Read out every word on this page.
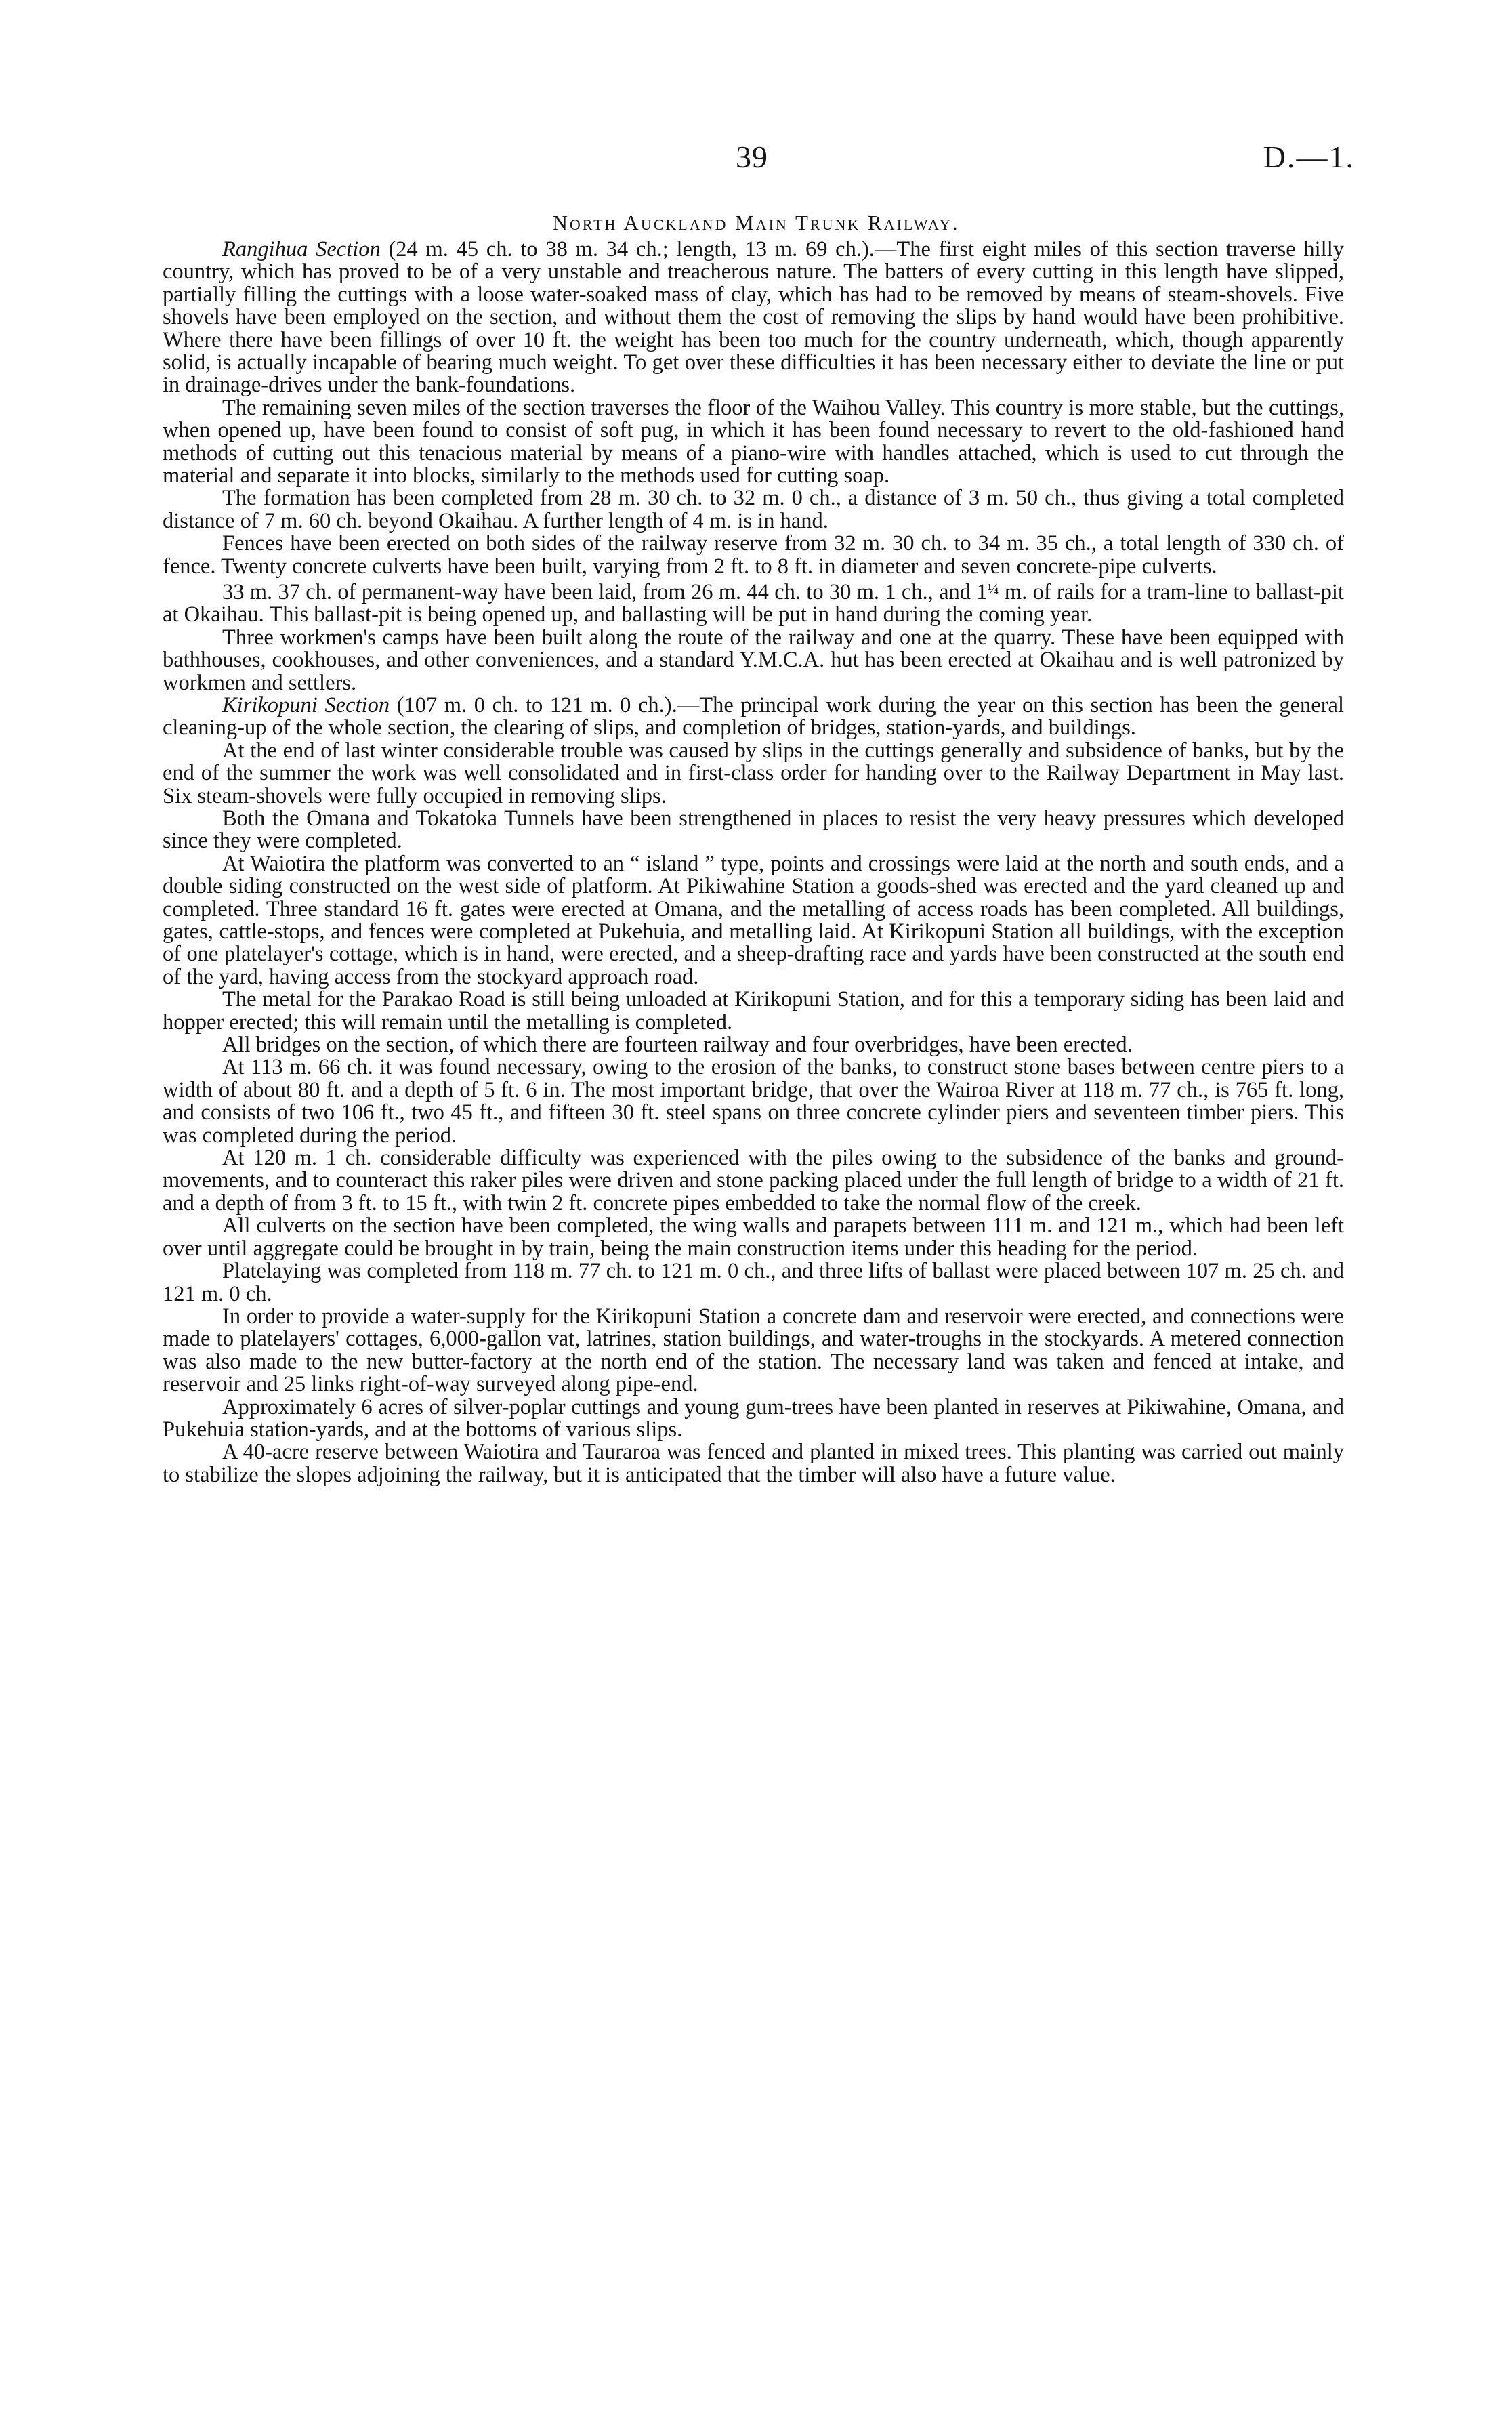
39	D.—1.
North Auckland Main Trunk Railway.

Rangihua Section (24 m. 45 ch. to 38 m. 34 ch.; length, 13 m. 69 ch.).—The first eight miles of this section traverse hilly country, which has proved to be of a very unstable and treacherous nature. The batters of every cutting in this length have slipped, partially filling the cuttings with a loose water-soaked mass of clay, which has had to be removed by means of steam-shovels. Five shovels have been employed on the section, and without them the cost of removing the slips by hand would have been prohibitive. Where there have been fillings of over 10 ft. the weight has been too much for the country underneath, which, though apparently solid, is actually incapable of bearing much weight. To get over these difficulties it has been necessary either to deviate the line or put in drainage-drives under the bank-foundations.

The remaining seven miles of the section traverses the floor of the Waihou Valley. This country is more stable, but the cuttings, when opened up, have been found to consist of soft pug, in which it has been found necessary to revert to the old-fashioned hand methods of cutting out this tenacious material by means of a piano-wire with handles attached, which is used to cut through the material and separate it into blocks, similarly to the methods used for cutting soap.

The formation has been completed from 28 m. 30 ch. to 32 m. 0 ch., a distance of 3 m. 50 ch., thus giving a total completed distance of 7 m. 60 ch. beyond Okaihau. A further length of 4 m. is in hand.

Fences have been erected on both sides of the railway reserve from 32 m. 30 ch. to 34 m. 35 ch., a total length of 330 ch. of fence. Twenty concrete culverts have been built, varying from 2 ft. to 8 ft. in diameter and seven concrete-pipe culverts.

33 m. 37 ch. of permanent-way have been laid, from 26 m. 44 ch. to 30 m. 1 ch., and $1^{\frac{1}{4}}$ m. of rails for a tram-line to ballast-pit at Okaihau. This ballast-pit is being opened up, and ballasting will be put in hand during the coming year.

Three workmen's camps have been built along the route of the railway and one at the quarry. These have been equipped with bathhouses, cookhouses, and other conveniences, and a standard Y.M.C.A. hut has been erected at Okaihau and is well patronized by workmen and settlers.

Kirikopuni Section (107 m. 0 ch. to 121 m. 0 ch.).—The principal work during the year on this section has been the general cleaning-up of the whole section, the clearing of slips, and completion of bridges, station-yards, and buildings.

At the end of last winter considerable trouble was caused by slips in the cuttings generally and subsidence of banks, but by the end of the summer the work was well consolidated and in first-class order for handing over to the Railway Department in May last. Six steam-shovels were fully occupied in removing slips.

Both the Omana and Tokatoka Tunnels have been strengthened in places to resist the very heavy pressures which developed since they were completed.

At Waiotira the platform was converted to an “ island ” type, points and crossings were laid at the north and south ends, and a double siding constructed on the west side of platform. At Pikiwahine Station a goods-shed was erected and the yard cleaned up and completed. Three standard 16 ft. gates were erected at Omana, and the metalling of access roads has been completed. All buildings, gates, cattle-stops, and fences were completed at Pukehuia, and metalling laid. At Kirikopuni Station all buildings, with the exception of one platelayer's cottage, which is in hand, were erected, and a sheep-drafting race and yards have been constructed at the south end of the yard, having access from the stockyard approach road.

The metal for the Parakao Road is still being unloaded at Kirikopuni Station, and for this a temporary siding has been laid and hopper erected; this will remain until the metalling is completed.

All bridges on the section, of which there are fourteen railway and four overbridges, have been erected.

At 113 m. 66 ch. it was found necessary, owing to the erosion of the banks, to construct stone bases between centre piers to a width of about 80 ft. and a depth of 5 ft. 6 in. The most important bridge, that over the Wairoa River at 118 m. 77 ch., is 765 ft. long, and consists of two 106 ft., two 45 ft., and fifteen 30 ft. steel spans on three concrete cylinder piers and seventeen timber piers. This was completed during the period.

At 120 m. 1 ch. considerable difficulty was experienced with the piles owing to the subsidence of the banks and ground-movements, and to counteract this raker piles were driven and stone packing placed under the full length of bridge to a width of 21 ft. and a depth of from 3 ft. to 15 ft., with twin 2 ft. concrete pipes embedded to take the normal flow of the creek.

All culverts on the section have been completed, the wing walls and parapets between 111 m. and 121 m., which had been left over until aggregate could be brought in by train, being the main construction items under this heading for the period.

Platelaying was completed from 118 m. 77 ch. to 121 m. 0 ch., and three lifts of ballast were placed between 107 m. 25 ch. and 121 m. 0 ch.

In order to provide a water-supply for the Kirikopuni Station a concrete dam and reservoir were erected, and connections were made to platelayers' cottages, 6,000-gallon vat, latrines, station buildings, and water-troughs in the stockyards. A metered connection was also made to the new butter-factory at the north end of the station. The necessary land was taken and fenced at intake, and reservoir and 25 links right-of-way surveyed along pipe-end.

Approximately 6 acres of silver-poplar cuttings and young gum-trees have been planted in reserves at Pikiwahine, Omana, and Pukehuia station-yards, and at the bottoms of various slips.

A 40-acre reserve between Waiotira and Tauraroa was fenced and planted in mixed trees. This planting was carried out mainly to stabilize the slopes adjoining the railway, but it is anticipated that the timber will also have a future value.
